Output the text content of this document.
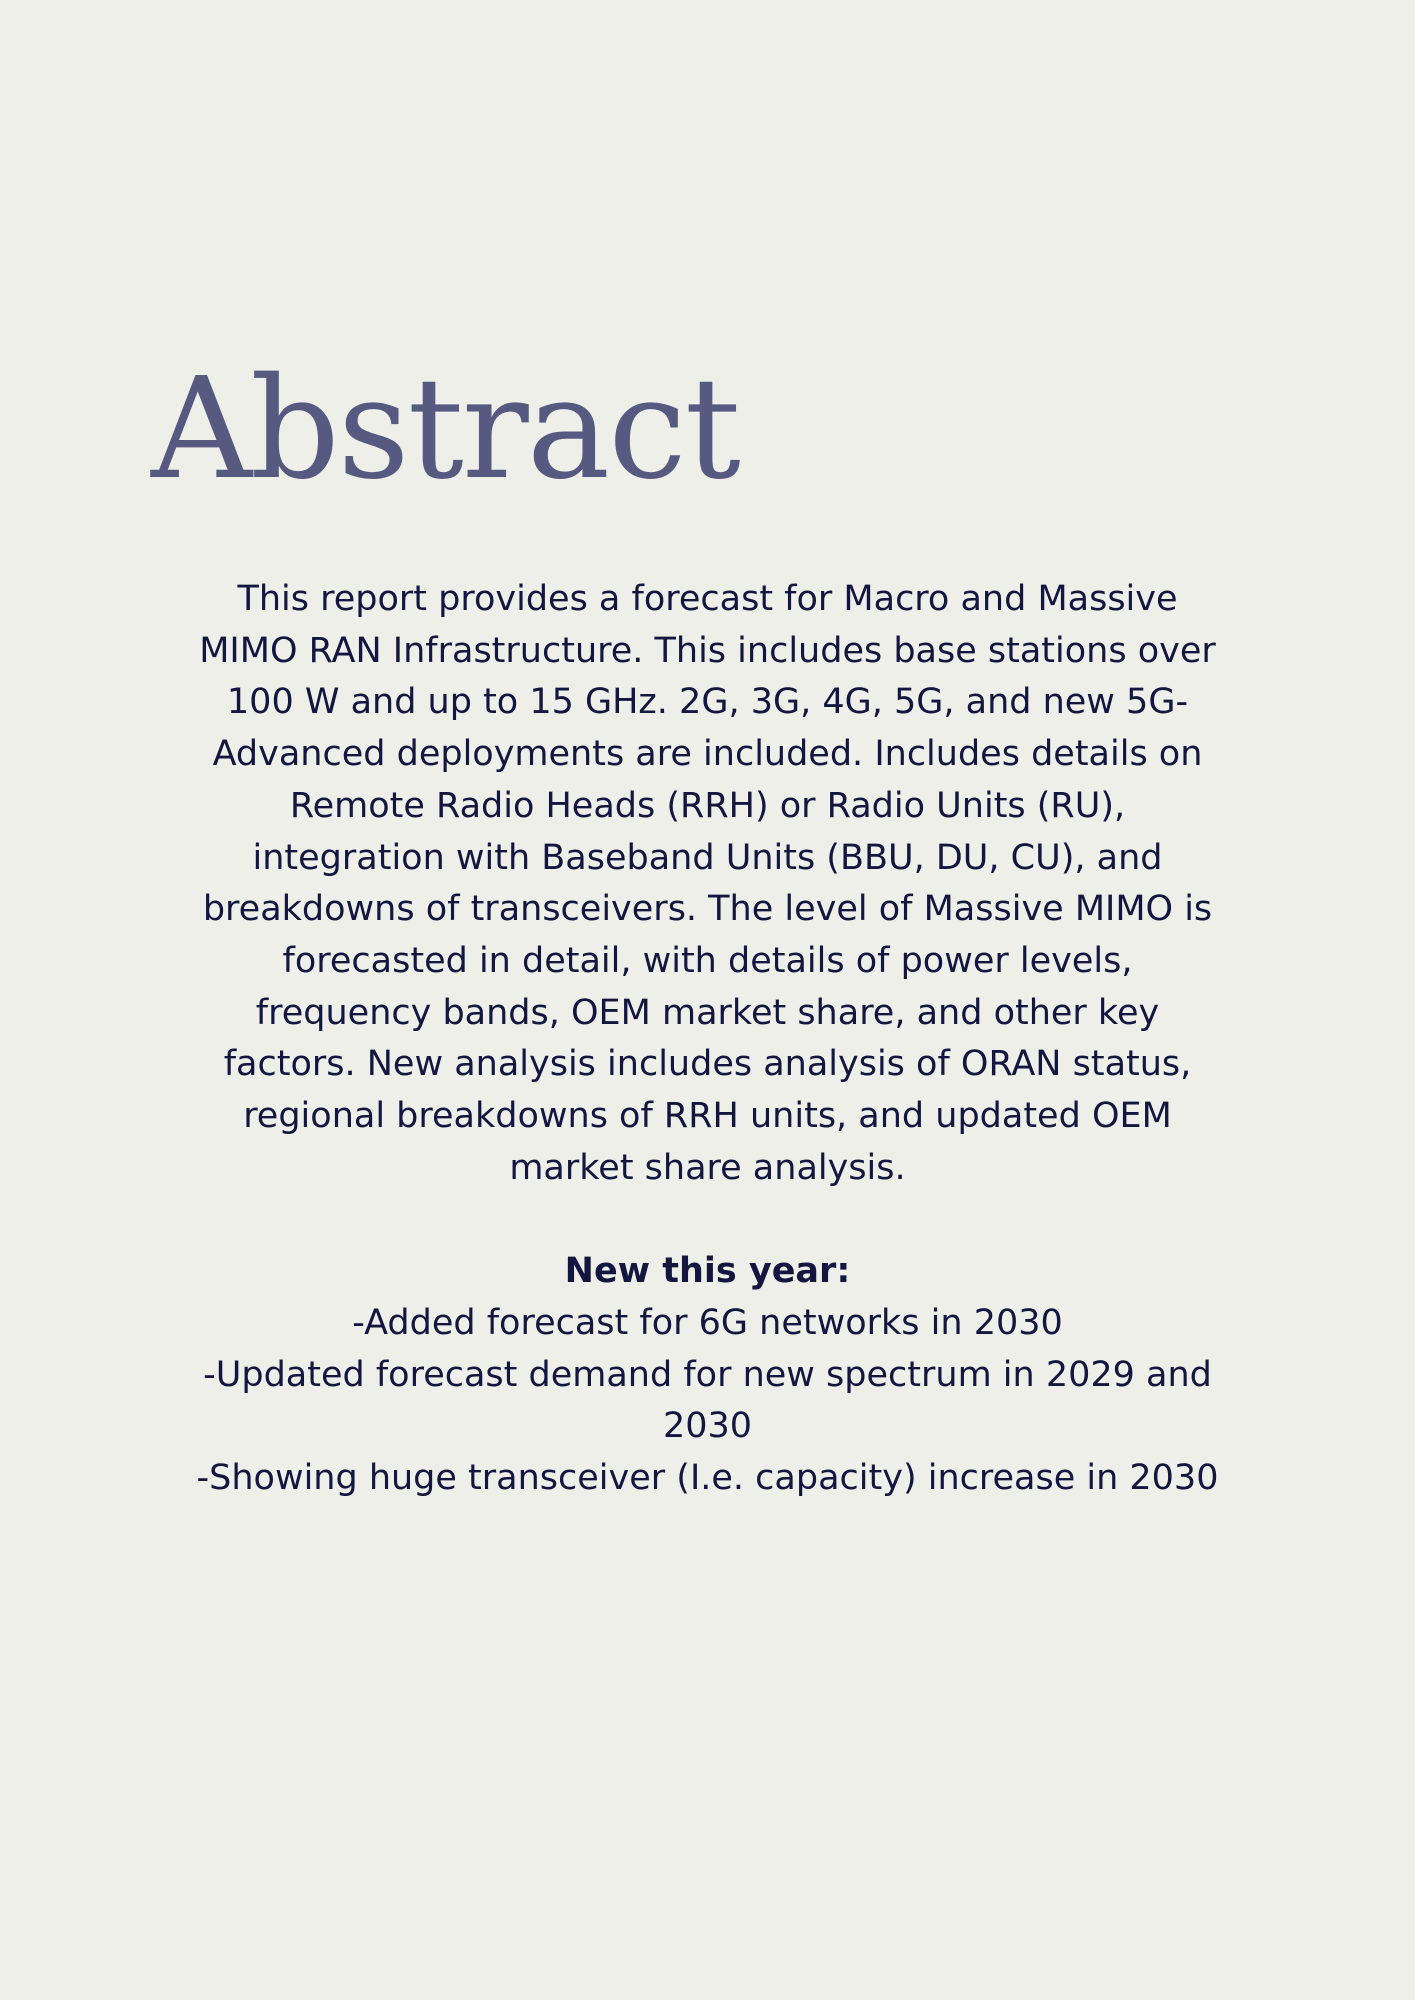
Abstract

This report provides a forecast for Macro and Massive MIMO RAN Infrastructure. This includes base stations over 100 W and up to 15 GHz. 2G, 3G, 4G, 5G, and new 5G-Advanced deployments are included. Includes details on Remote Radio Heads (RRH) or Radio Units (RU), integration with Baseband Units (BBU, DU, CU), and breakdowns of transceivers. The level of Massive MIMO is forecasted in detail, with details of power levels, frequency bands, OEM market share, and other key factors. New analysis includes analysis of ORAN status, regional breakdowns of RRH units, and updated OEM market share analysis.

New this year:

-Added forecast for 6G networks in 2030
-Updated forecast demand for new spectrum in 2029 and 2030
-Showing huge transceiver (I.e. capacity) increase in 2030
